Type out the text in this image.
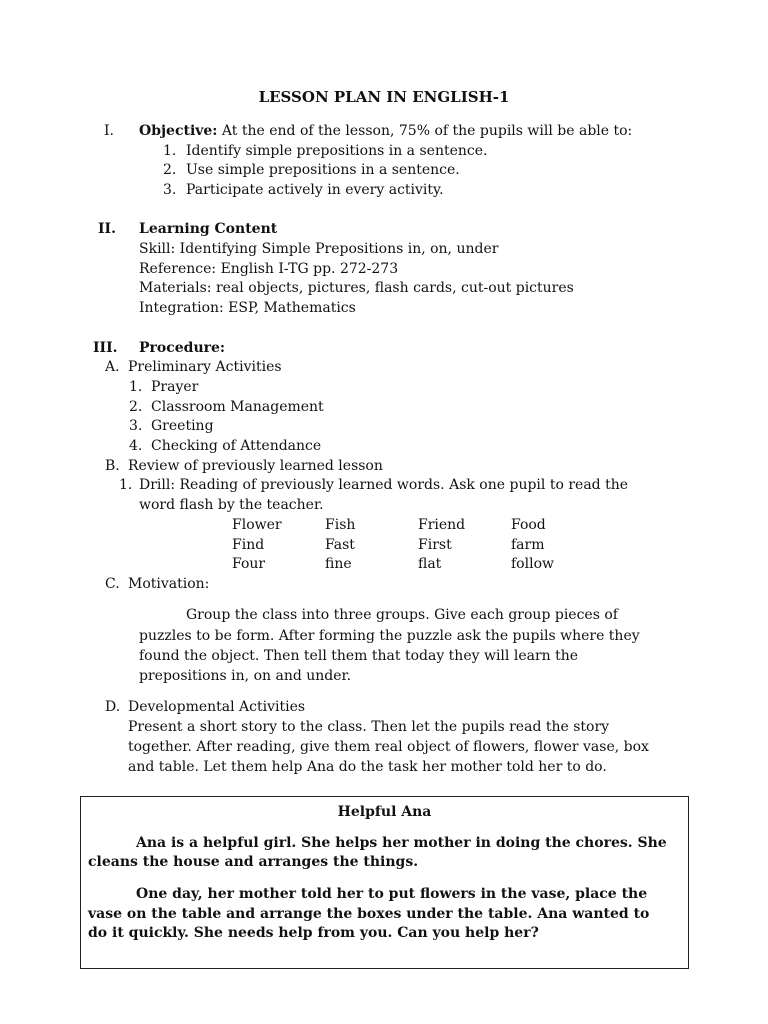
LESSON PLAN IN ENGLISH-1
I. Objective: At the end of the lesson, 75% of the pupils will be able to:
1. Identify simple prepositions in a sentence.
2. Use simple prepositions in a sentence.
3. Participate actively in every activity.
II. Learning Content
Skill: Identifying Simple Prepositions in, on, under
Reference: English I-TG pp. 272-273
Materials: real objects, pictures, flash cards, cut-out pictures
Integration: ESP, Mathematics
III. Procedure:
A. Preliminary Activities
1. Prayer
2. Classroom Management
3. Greeting
4. Checking of Attendance
B. Review of previously learned lesson
1. Drill: Reading of previously learned words. Ask one pupil to read the
word flash by the teacher.
Flower	Fish	Friend	Food
Find	Fast	First	farm
Four	fine	flat	follow
C. Motivation:
Group the class into three groups. Give each group pieces of
puzzles to be form. After forming the puzzle ask the pupils where they
found the object. Then tell them that today they will learn the
prepositions in, on and under.
D. Developmental Activities
Present a short story to the class. Then let the pupils read the story
together. After reading, give them real object of flowers, flower vase, box
and table. Let them help Ana do the task her mother told her to do.
Helpful Ana
Ana is a helpful girl. She helps her mother in doing the chores. She
cleans the house and arranges the things.
One day, her mother told her to put flowers in the vase, place the
vase on the table and arrange the boxes under the table. Ana wanted to
do it quickly. She needs help from you. Can you help her?
